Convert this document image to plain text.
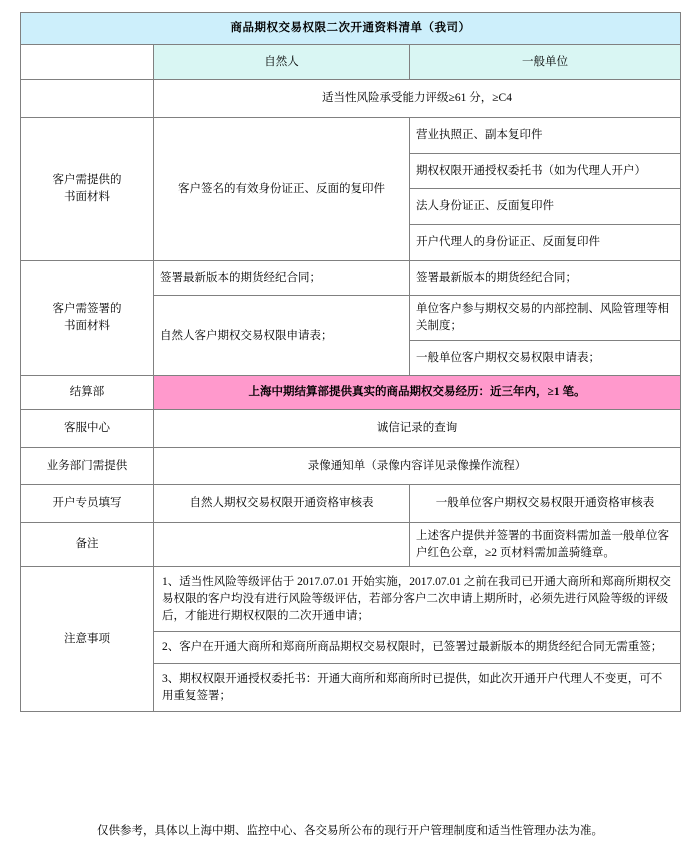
商品期权交易权限二次开通资料清单（我司）		
	自然人	一般单位
	适当性风险承受能力评级≥61 分，≥C4	

客户需提供的
书面材料	客户签名的有效身份证正、反面的复印件	营业执照正、副本复印件
		期权权限开通授权委托书（如为代理人开户）
		法人身份证正、反面复印件
		开户代理人的身份证正、反面复印件

客户需签署的
书面材料	签署最新版本的期货经纪合同；	签署最新版本的期货经纪合同；
	自然人客户期权交易权限申请表；	单位客户参与期权交易的内部控制、风险管理等相关制度；
		一般单位客户期权交易权限申请表；
结算部	上海中期结算部提供真实的商品期权交易经历：近三年内，≥1 笔。	
客服中心	诚信记录的查询	
业务部门需提供	录像通知单（录像内容详见录像操作流程）	
开户专员填写	自然人期权交易权限开通资格审核表	一般单位客户期权交易权限开通资格审核表
备注		上述客户提供并签署的书面资料需加盖一般单位客户红色公章，≥2 页材料需加盖骑缝章。
注意事项	1、适当性风险等级评估于 2017.07.01 开始实施，2017.07.01 之前在我司已开通大商所和郑商所期权交易权限的客户均没有进行风险等级评估，若部分客户二次申请上期所时，必须先进行风险等级的评级后，才能进行期权权限的二次开通申请；	
	2、客户在开通大商所和郑商所商品期权交易权限时，已签署过最新版本的期货经纪合同无需重签；	
	3、期权权限开通授权委托书：开通大商所和郑商所时已提供，如此次开通开户代理人不变更，可不用重复签署；	
仅供参考，具体以上海中期、监控中心、各交易所公布的现行开户管理制度和适当性管理办法为准。
